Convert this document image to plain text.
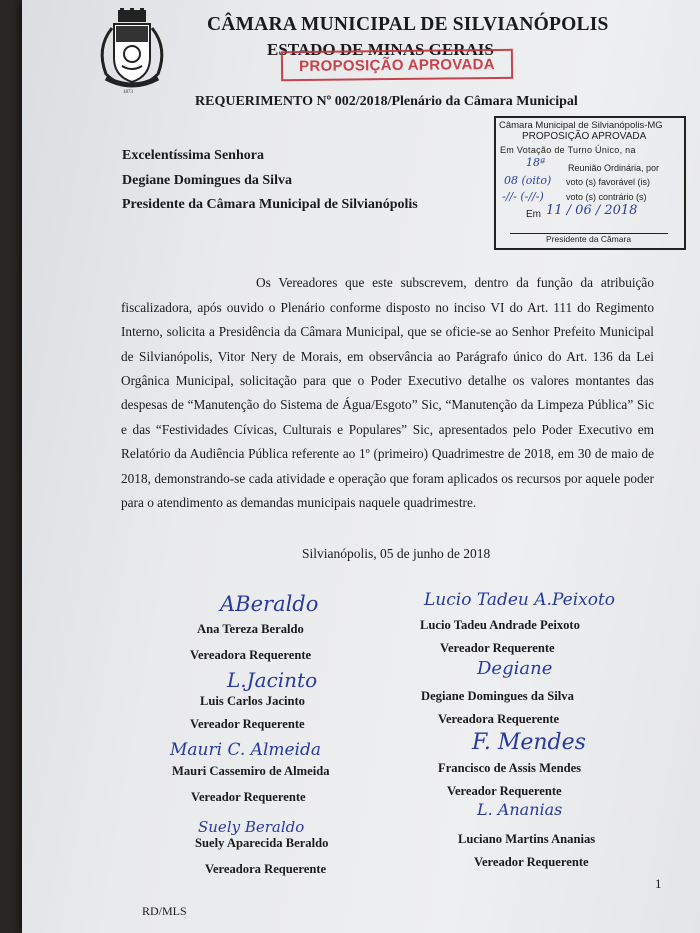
1873
CÂMARA MUNICIPAL DE SILVIANÓPOLIS
ESTADO DE MINAS GERAIS
PROPOSIÇÃO APROVADA
REQUERIMENTO Nº 002/2018/Plenário da Câmara Municipal
Excelentíssima Senhora
Degiane Domingues da Silva
Presidente da Câmara Municipal de Silvianópolis
Câmara Municipal de Silvianópolis-MG
PROPOSIÇÃO APROVADA
Em Votação de Turno Único, na
18ª	Reunião Ordinária, por
08 (oito)	voto (s) favorável (is)
-//- (-//-)	voto (s) contrário (s)
Em 11 / 06 / 2018
Presidente da Câmara

Os Vereadores que este subscrevem, dentro da função da atribuição fiscalizadora, após ouvido o Plenário conforme disposto no inciso VI do Art. 111 do Regimento Interno, solicita a Presidência da Câmara Municipal, que se oficie-se ao Senhor Prefeito Municipal de Silvianópolis, Vitor Nery de Morais, em observância ao Parágrafo único do Art. 136 da Lei Orgânica Municipal, solicitação para que o Poder Executivo detalhe os valores montantes das despesas de “Manutenção do Sistema de Água/Esgoto” Sic, “Manutenção da Limpeza Pública” Sic e das “Festividades Cívicas, Culturais e Populares” Sic, apresentados pelo Poder Executivo em Relatório da Audiência Pública referente ao 1º (primeiro) Quadrimestre de 2018, em 30 de maio de 2018, demonstrando-se cada atividade e operação que foram aplicados os recursos por aquele poder para o atendimento as demandas municipais naquele quadrimestre.

Silvianópolis, 05 de junho de 2018
ABeraldo
Ana Tereza Beraldo
Vereadora Requerente
L.Jacinto
Luis Carlos Jacinto
Vereador Requerente
Mauri C. Almeida
Mauri Cassemiro de Almeida
Vereador Requerente
Suely Beraldo
Suely Aparecida Beraldo
Vereadora Requerente
Lucio Tadeu A.Peixoto
Lucio Tadeu Andrade Peixoto
Vereador Requerente
Degiane
Degiane Domingues da Silva
Vereadora Requerente
F. Mendes
Francisco de Assis Mendes
Vereador Requerente
L. Ananias
Luciano Martins Ananias
Vereador Requerente
1
RD/MLS
